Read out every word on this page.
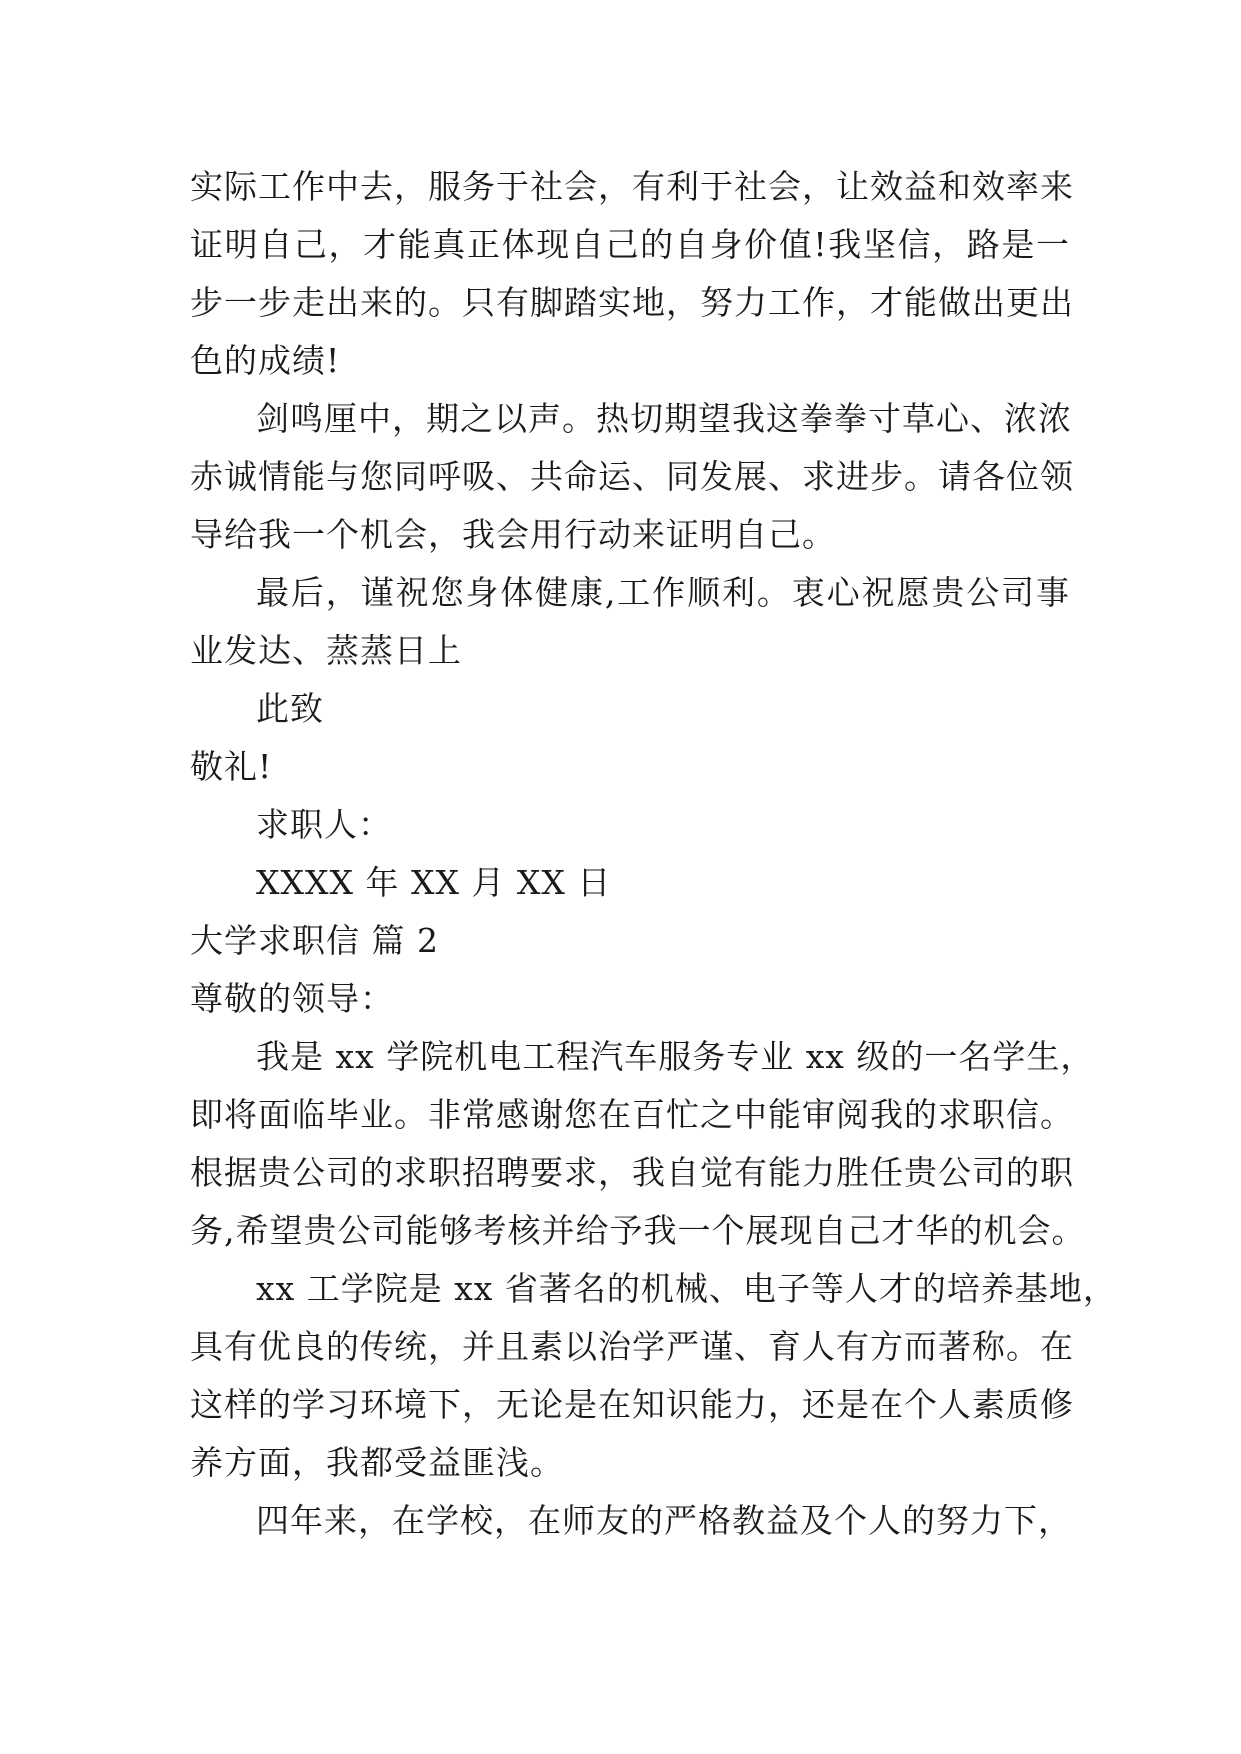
实际工作中去，服务于社会，有利于社会，让效益和效率来
证明自己，才能真正体现自己的自身价值!我坚信，路是一
步一步走出来的。只有脚踏实地，努力工作，才能做出更出
色的成绩!
剑鸣厘中，期之以声。热切期望我这拳拳寸草心、浓浓
赤诚情能与您同呼吸、共命运、同发展、求进步。请各位领
导给我一个机会，我会用行动来证明自己。
最后，谨祝您身体健康,工作顺利。衷心祝愿贵公司事
业发达、蒸蒸日上
此致
敬礼!
求职人：
XXXX 年 XX 月 XX 日
大学求职信 篇 2
尊敬的领导：
我是 xx 学院机电工程汽车服务专业 xx 级的一名学生，
即将面临毕业。非常感谢您在百忙之中能审阅我的求职信。
根据贵公司的求职招聘要求，我自觉有能力胜任贵公司的职
务,希望贵公司能够考核并给予我一个展现自己才华的机会。
xx 工学院是 xx 省著名的机械、电子等人才的培养基地，
具有优良的传统，并且素以治学严谨、育人有方而著称。在
这样的学习环境下，无论是在知识能力，还是在个人素质修
养方面，我都受益匪浅。
四年来，在学校，在师友的严格教益及个人的努力下，
